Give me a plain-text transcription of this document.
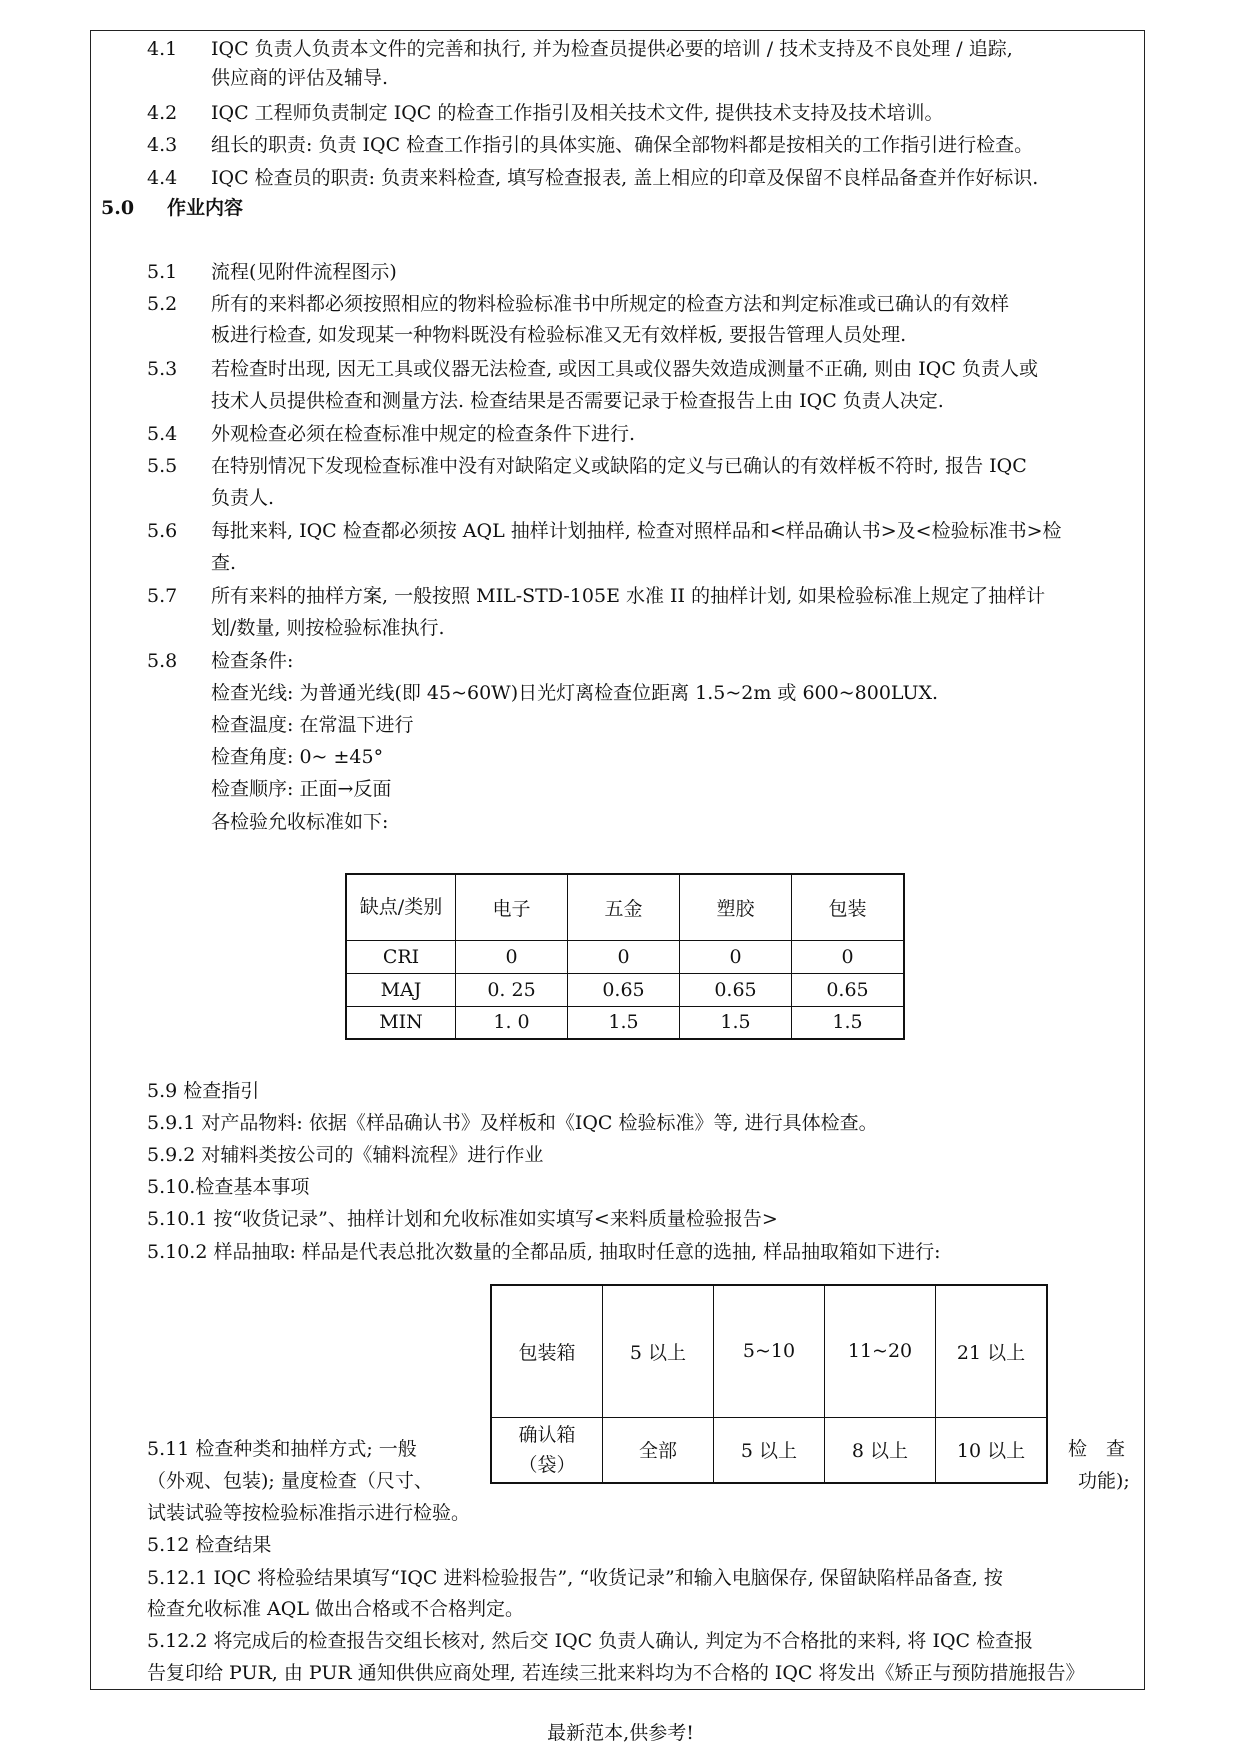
4.1 IQC 负责人负责本文件的完善和执行, 并为检查员提供必要的培训 / 技术支持及不良处理 / 追踪,
供应商的评估及辅导.
4.2 IQC 工程师负责制定 IQC 的检查工作指引及相关技术文件, 提供技术支持及技术培训。
4.3 组长的职责: 负责 IQC 检查工作指引的具体实施、确保全部物料都是按相关的工作指引进行检查。
4.4 IQC 检查员的职责: 负责来料检查, 填写检查报表, 盖上相应的印章及保留不良样品备查并作好标识.
5.0 作业内容
5.1 流程(见附件流程图示)
5.2 所有的来料都必须按照相应的物料检验标准书中所规定的检查方法和判定标准或已确认的有效样
板进行检查, 如发现某一种物料既没有检验标准又无有效样板, 要报告管理人员处理.
5.3 若检查时出现, 因无工具或仪器无法检查, 或因工具或仪器失效造成测量不正确, 则由 IQC 负责人或
技术人员提供检查和测量方法. 检查结果是否需要记录于检查报告上由 IQC 负责人决定.
5.4 外观检查必须在检查标准中规定的检查条件下进行.
5.5 在特别情况下发现检查标准中没有对缺陷定义或缺陷的定义与已确认的有效样板不符时, 报告 IQC
负责人.
5.6 每批来料, IQC 检查都必须按 AQL 抽样计划抽样, 检查对照样品和<样品确认书>及<检验标准书>检
查.
5.7 所有来料的抽样方案, 一般按照 MIL-STD-105E 水准 II 的抽样计划, 如果检验标准上规定了抽样计
划/数量, 则按检验标准执行.
5.8 检查条件:
检查光线: 为普通光线(即 45~60W)日光灯离检查位距离 1.5~2m 或 600~800LUX.
检查温度: 在常温下进行
检查角度: 0~ ±45°
检查顺序: 正面→反面
各检验允收标准如下:
缺点/类别	电子	五金	塑胶	包装
CRI	0	0	0	0
MAJ	0. 25	0.65	0.65	0.65
MIN	1. 0	1.5	1.5	1.5
5.9 检查指引
5.9.1 对产品物料: 依据《样品确认书》及样板和《IQC 检验标准》等, 进行具体检查。
5.9.2 对辅料类按公司的《辅料流程》进行作业
5.10.检查基本事项
5.10.1 按“收货记录”、抽样计划和允收标准如实填写<来料质量检验报告>
5.10.2 样品抽取: 样品是代表总批次数量的全都品质, 抽取时任意的选抽, 样品抽取箱如下进行:
包装箱	5 以上	5~10	11~20	21 以上
确认箱（袋）	全部	5 以上	8 以上	10 以上
5.11 检查种类和抽样方式; 一般
（外观、包装); 量度检查（尺寸、
检　查
功能);
试装试验等按检验标准指示进行检验。
5.12 检查结果
5.12.1 IQC 将检验结果填写“IQC 进料检验报告”, “收货记录”和输入电脑保存, 保留缺陷样品备查, 按
检查允收标准 AQL 做出合格或不合格判定。
5.12.2 将完成后的检查报告交组长核对, 然后交 IQC 负责人确认, 判定为不合格批的来料, 将 IQC 检查报
告复印给 PUR, 由 PUR 通知供供应商处理, 若连续三批来料均为不合格的 IQC 将发出《矫正与预防措施报告》
最新范本,供参考!
